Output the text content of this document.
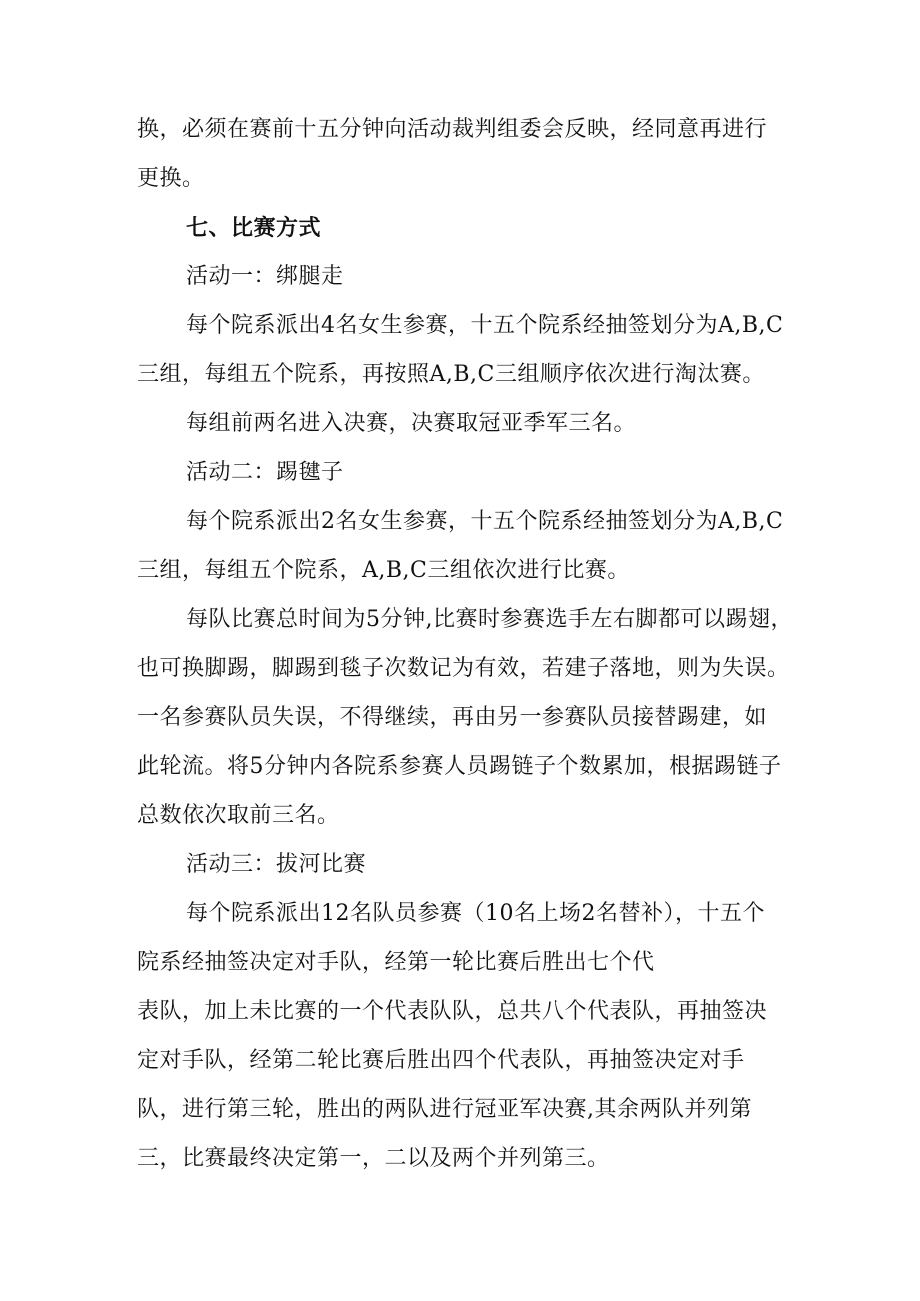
换，必须在赛前十五分钟向活动裁判组委会反映，经同意再进行
更换。
七、比赛方式
活动一：绑腿走
每个院系派出4名女生参赛，十五个院系经抽签划分为A,B,C
三组，每组五个院系，再按照A,B,C三组顺序依次进行淘汰赛。
每组前两名进入决赛，决赛取冠亚季军三名。
活动二：踢毽子
每个院系派出2名女生参赛，十五个院系经抽签划分为A,B,C
三组，每组五个院系，A,B,C三组依次进行比赛。
每队比赛总时间为5分钟,比赛时参赛选手左右脚都可以踢翅，
也可换脚踢，脚踢到毯子次数记为有效，若建子落地，则为失误。
一名参赛队员失误，不得继续，再由另一参赛队员接替踢建，如
此轮流。将5分钟内各院系参赛人员踢链子个数累加，根据踢链子
总数依次取前三名。
活动三：拔河比赛
每个院系派出12名队员参赛（10名上场2名替补），十五个
院系经抽签决定对手队，经第一轮比赛后胜出七个代
表队，加上未比赛的一个代表队队，总共八个代表队，再抽签决
定对手队，经第二轮比赛后胜出四个代表队，再抽签决定对手
队，进行第三轮，胜出的两队进行冠亚军决赛,其余两队并列第
三，比赛最终决定第一，二以及两个并列第三。
